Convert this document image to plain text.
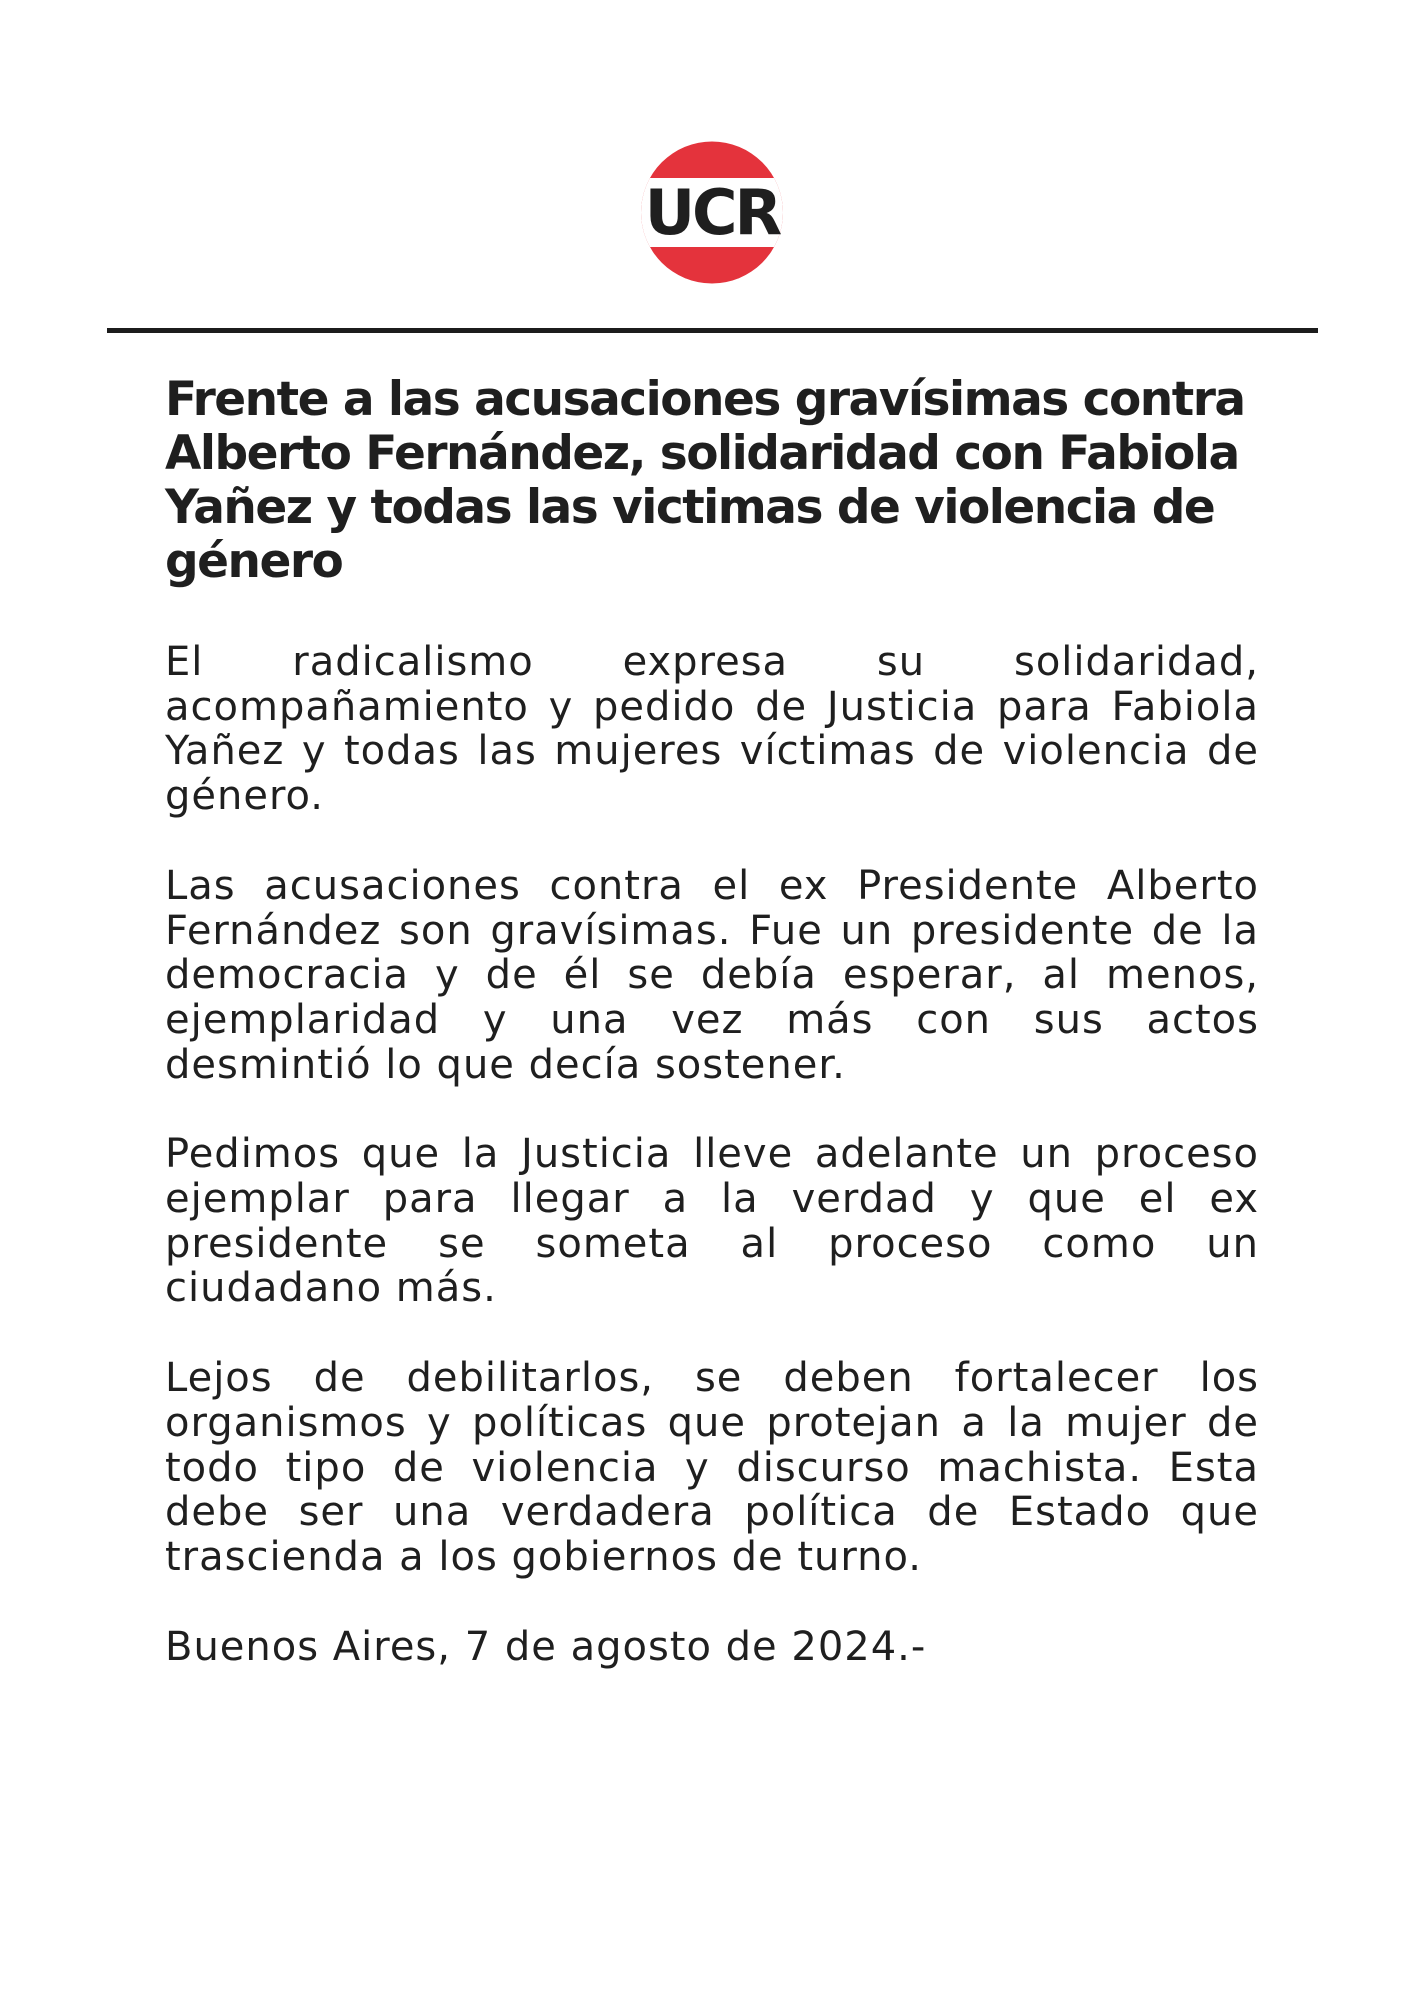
UCR
Frente a las acusaciones gravísimas contra Alberto Fernández, solidaridad con Fabiola Yañez y todas las victimas de violencia de género

El radicalismo expresa su solidaridad, acompañamiento y pedido de Justicia para Fabiola Yañez y todas las mujeres víctimas de violencia de género.

Las acusaciones contra el ex Presidente Alberto Fernández son gravísimas. Fue un presidente de la democracia y de él se debía esperar, al menos, ejemplaridad y una vez más con sus actos desmintió lo que decía sostener.

Pedimos que la Justicia lleve adelante un proceso ejemplar para llegar a la verdad y que el ex presidente se someta al proceso como un ciudadano más.

Lejos de debilitarlos, se deben fortalecer los organismos y políticas que protejan a la mujer de todo tipo de violencia y discurso machista. Esta debe ser una verdadera política de Estado que trascienda a los gobiernos de turno.

Buenos Aires, 7 de agosto de 2024.-
